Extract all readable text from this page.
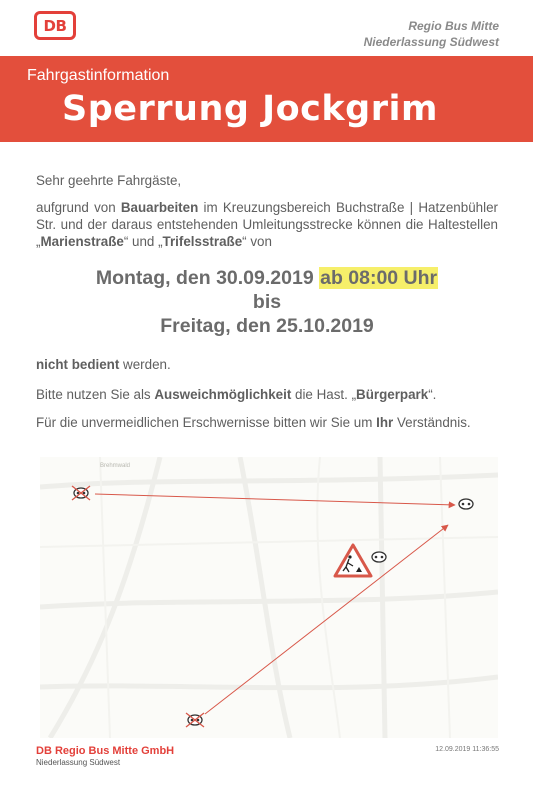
DB	Regio Bus Mitte
Niederlassung Südwest
Fahrgastinformation
Sperrung Jockgrim
Sehr geehrte Fahrgäste,
aufgrund von Bauarbeiten im Kreuzungsbereich Buchstraße | Hatzenbühler Str. und der daraus entstehenden Umleitungsstrecke können die Haltestellen „Marienstraße“ und „Trifelsstraße“ von
Montag, den 30.09.2019 ab 08:00 Uhr
bis
Freitag, den 25.10.2019
nicht bedient werden.
Bitte nutzen Sie als Ausweichmöglichkeit die Hast. „Bürgerpark“.
Für die unvermeidlichen Erschwernisse bitten wir Sie um Ihr Verständnis.
Brehmwald
DB Regio Bus Mitte GmbH
Niederlassung Südwest
12.09.2019 11:36:55
